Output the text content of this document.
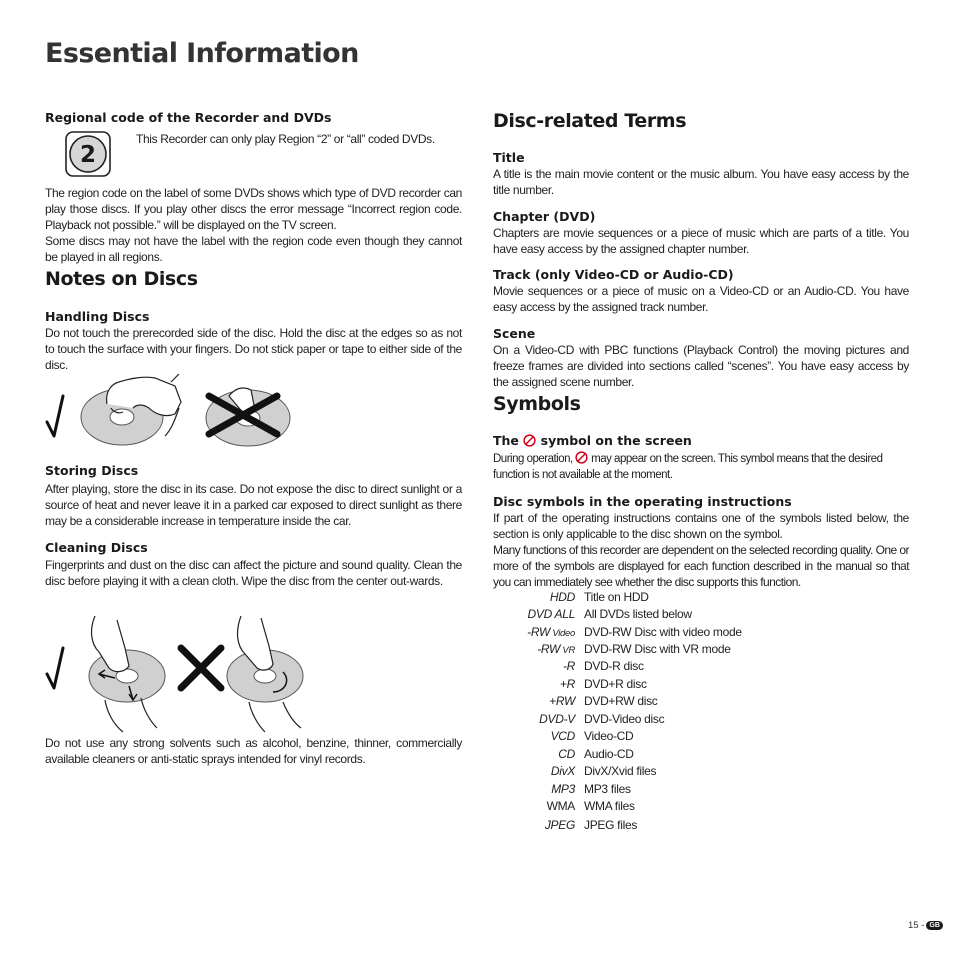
Essential Information
Regional code of the Recorder and DVDs
2
This Recorder can only play Region “2” or “all” coded DVDs.
The region code on the label of some DVDs shows which type of DVD recorder can play those discs. If you play other discs the error message “Incorrect region code. Playback not possible.” will be displayed on the TV screen.
Some discs may not have the label with the region code even though they cannot be played in all regions.
Notes on Discs
Handling Discs
Do not touch the prerecorded side of the disc. Hold the disc at the edges so as not to touch the surface with your fingers. Do not stick paper or tape to either side of the disc.
Storing Discs
After playing, store the disc in its case. Do not expose the disc to direct sunlight or a source of heat and never leave it in a parked car exposed to direct sunlight as there may be a considerable increase in temperature inside the car.
Cleaning Discs
Fingerprints and dust on the disc can affect the picture and sound quality. Clean the disc before playing it with a clean cloth. Wipe the disc from the center out-wards.
Do not use any strong solvents such as alcohol, benzine, thinner, commercially available cleaners or anti-static sprays intended for vinyl records.
Disc-related Terms
Title
A title is the main movie content or the music album. You have easy access by the title number.
Chapter (DVD)
Chapters are movie sequences or a piece of music which are parts of a title. You have easy access by the assigned chapter number.
Track (only Video-CD or Audio-CD)
Movie sequences or a piece of music on a Video-CD or an Audio-CD. You have easy access by the assigned track number.
Scene
On a Video-CD with PBC functions (Playback Control) the moving pictures and freeze frames are divided into sections called “scenes”. You have easy access by the assigned scene number.
Symbols
The symbol on the screen
During operation, may appear on the screen. This symbol means that the desired function is not available at the moment.
Disc symbols in the operating instructions
If part of the operating instructions contains one of the symbols listed below, the section is only applicable to the disc shown on the symbol.
Many functions of this recorder are dependent on the selected recording quality. One or more of the symbols are displayed for each function described in the manual so that you can immediately see whether the disc supports this function.
HDD Title on HDD
DVD ALL All DVDs listed below
-RW Video DVD-RW Disc with video mode
-RW VR DVD-RW Disc with VR mode
-R DVD-R disc
+R DVD+R disc
+RW DVD+RW disc
DVD-V DVD-Video disc
VCD Video-CD
CD Audio-CD
DivX DivX/Xvid files
MP3 MP3 files
WMA WMA files
JPEG JPEG files
15 - GB
